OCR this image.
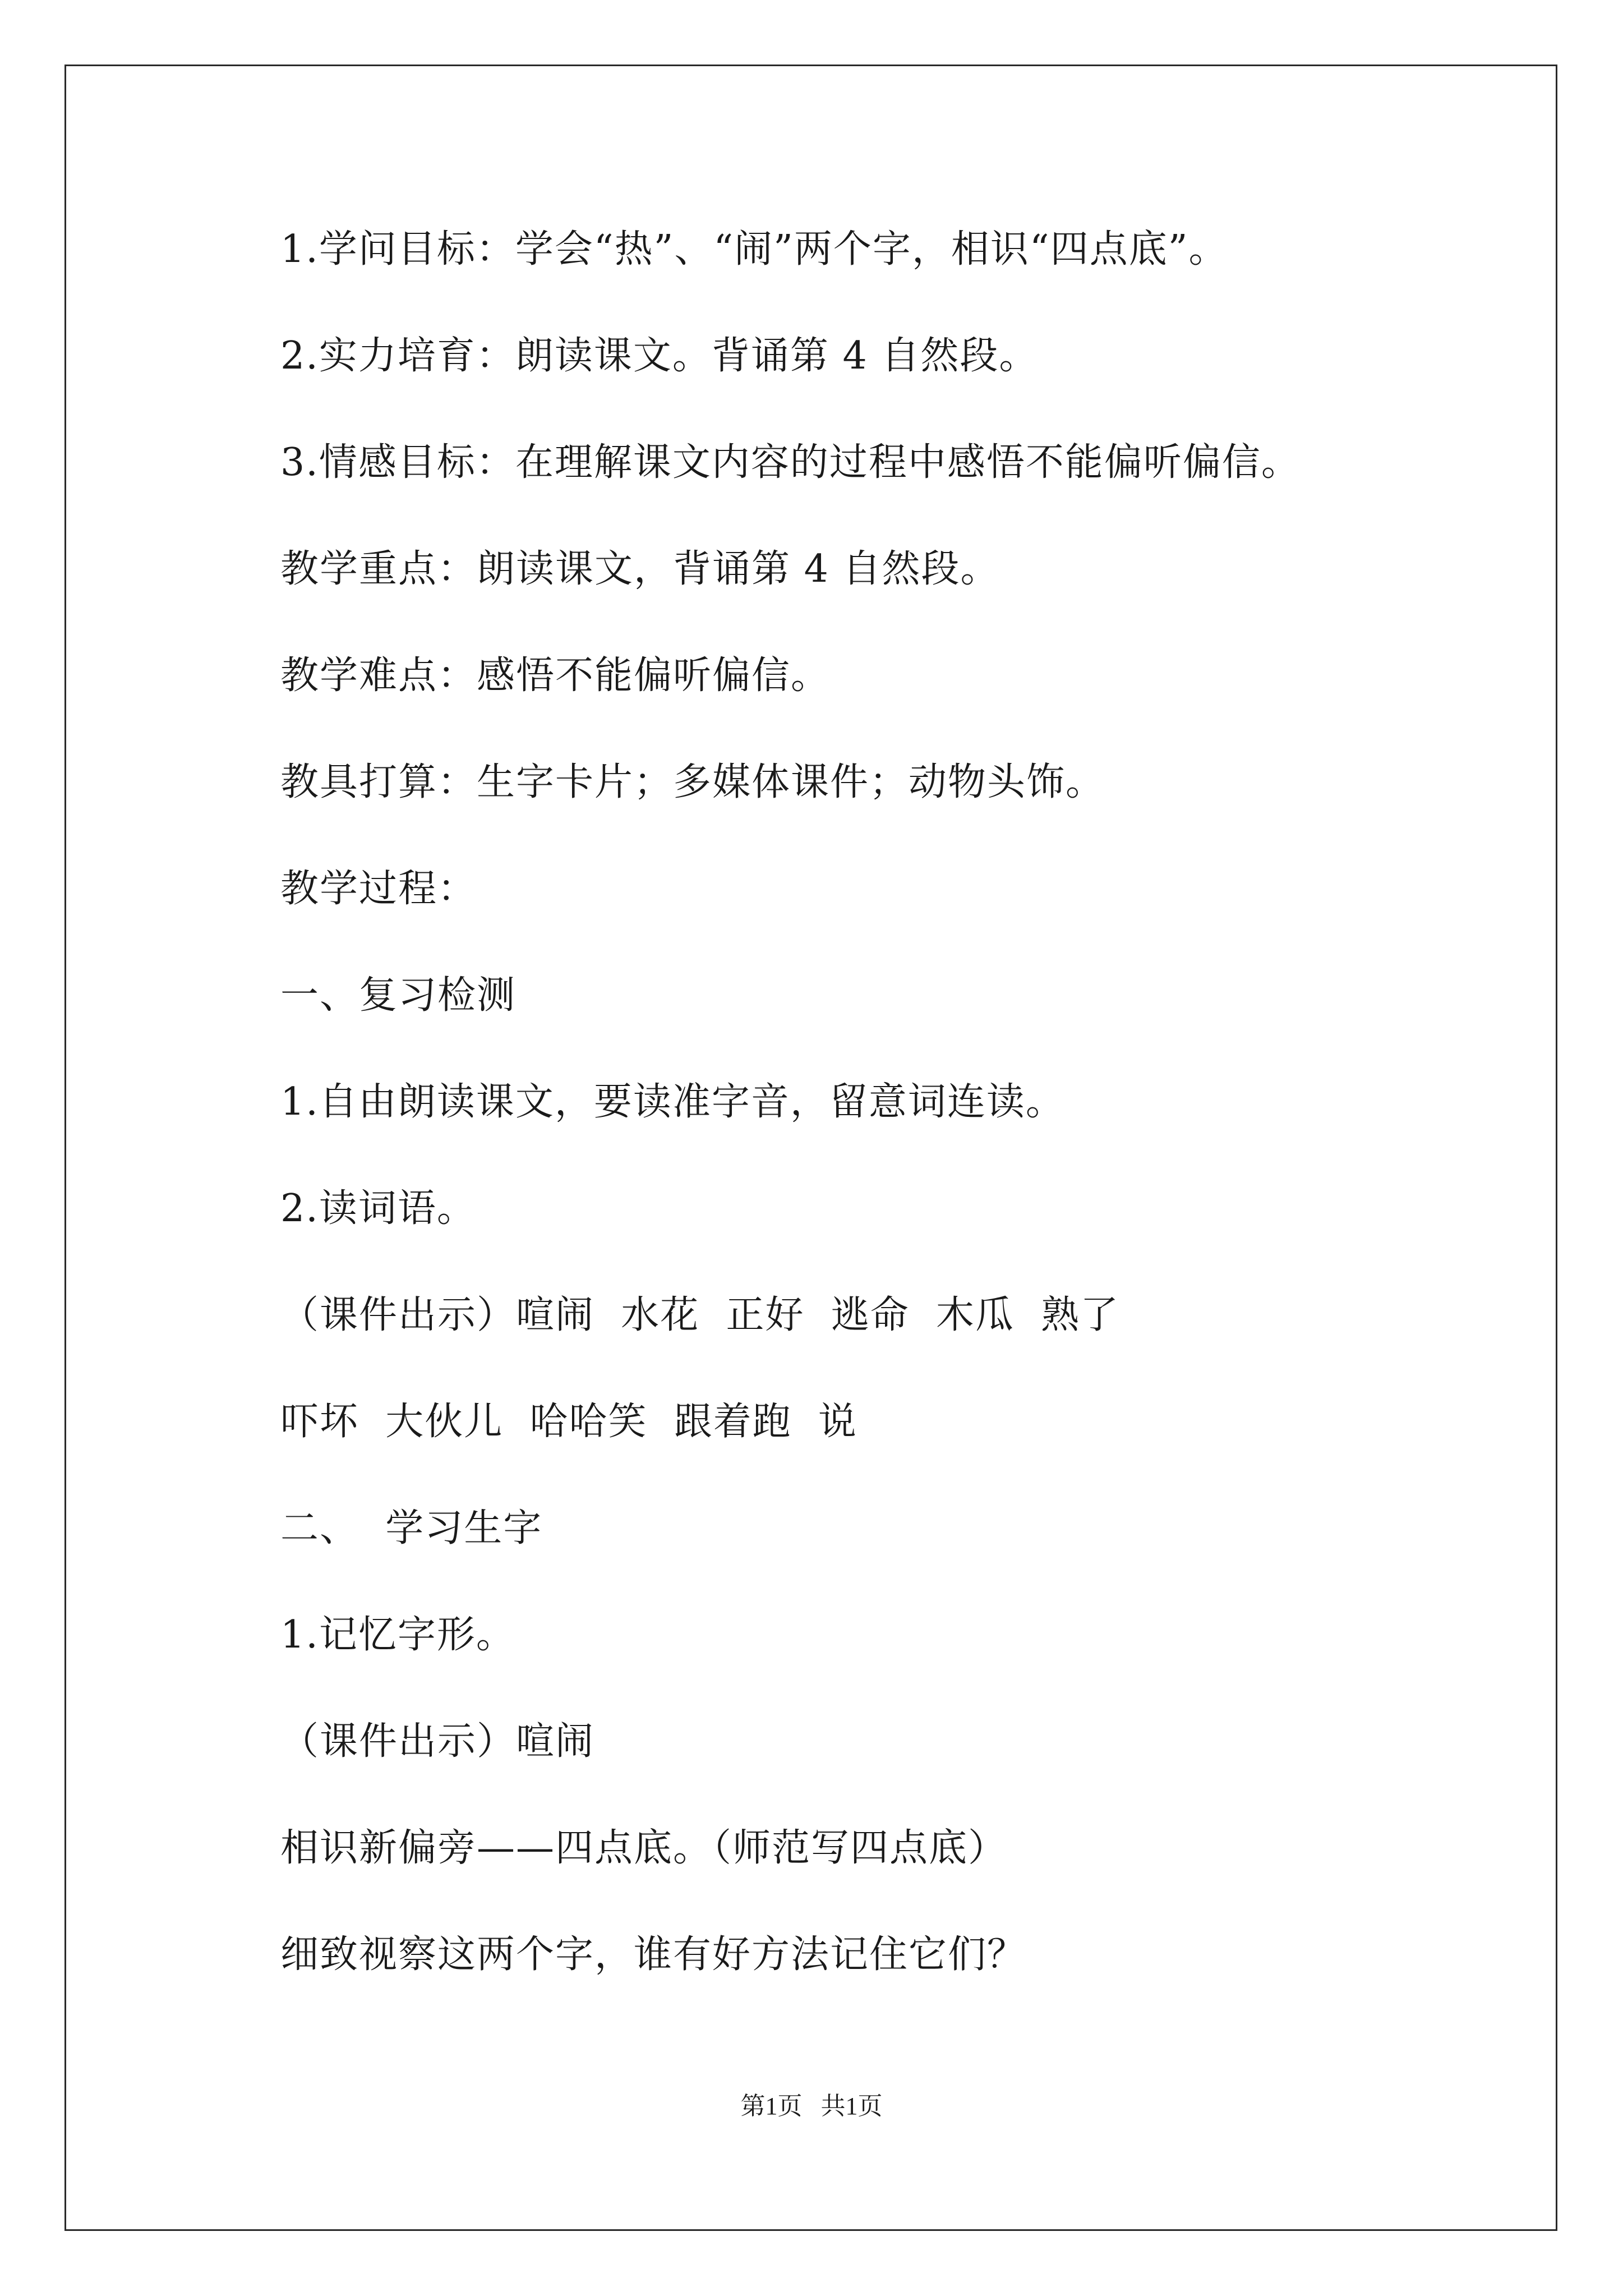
1.学问目标：学会“热”、“闹”两个字，相识“四点底”。
2.实力培育：朗读课文。背诵第 4 自然段。
3.情感目标：在理解课文内容的过程中感悟不能偏听偏信。
教学重点：朗读课文，背诵第 4 自然段。
教学难点：感悟不能偏听偏信。
教具打算：生字卡片；多媒体课件；动物头饰。
教学过程：
一、复习检测
1.自由朗读课文，要读准字音，留意词连读。
2.读词语。
（课件出示）喧闹  水花  正好  逃命  木瓜  熟了
吓坏  大伙儿  哈哈笑  跟着跑  说
二、  学习生字
1.记忆字形。
（课件出示）喧闹
相识新偏旁——四点底。（师范写四点底）
细致视察这两个字，谁有好方法记住它们？
第1页   共1页
